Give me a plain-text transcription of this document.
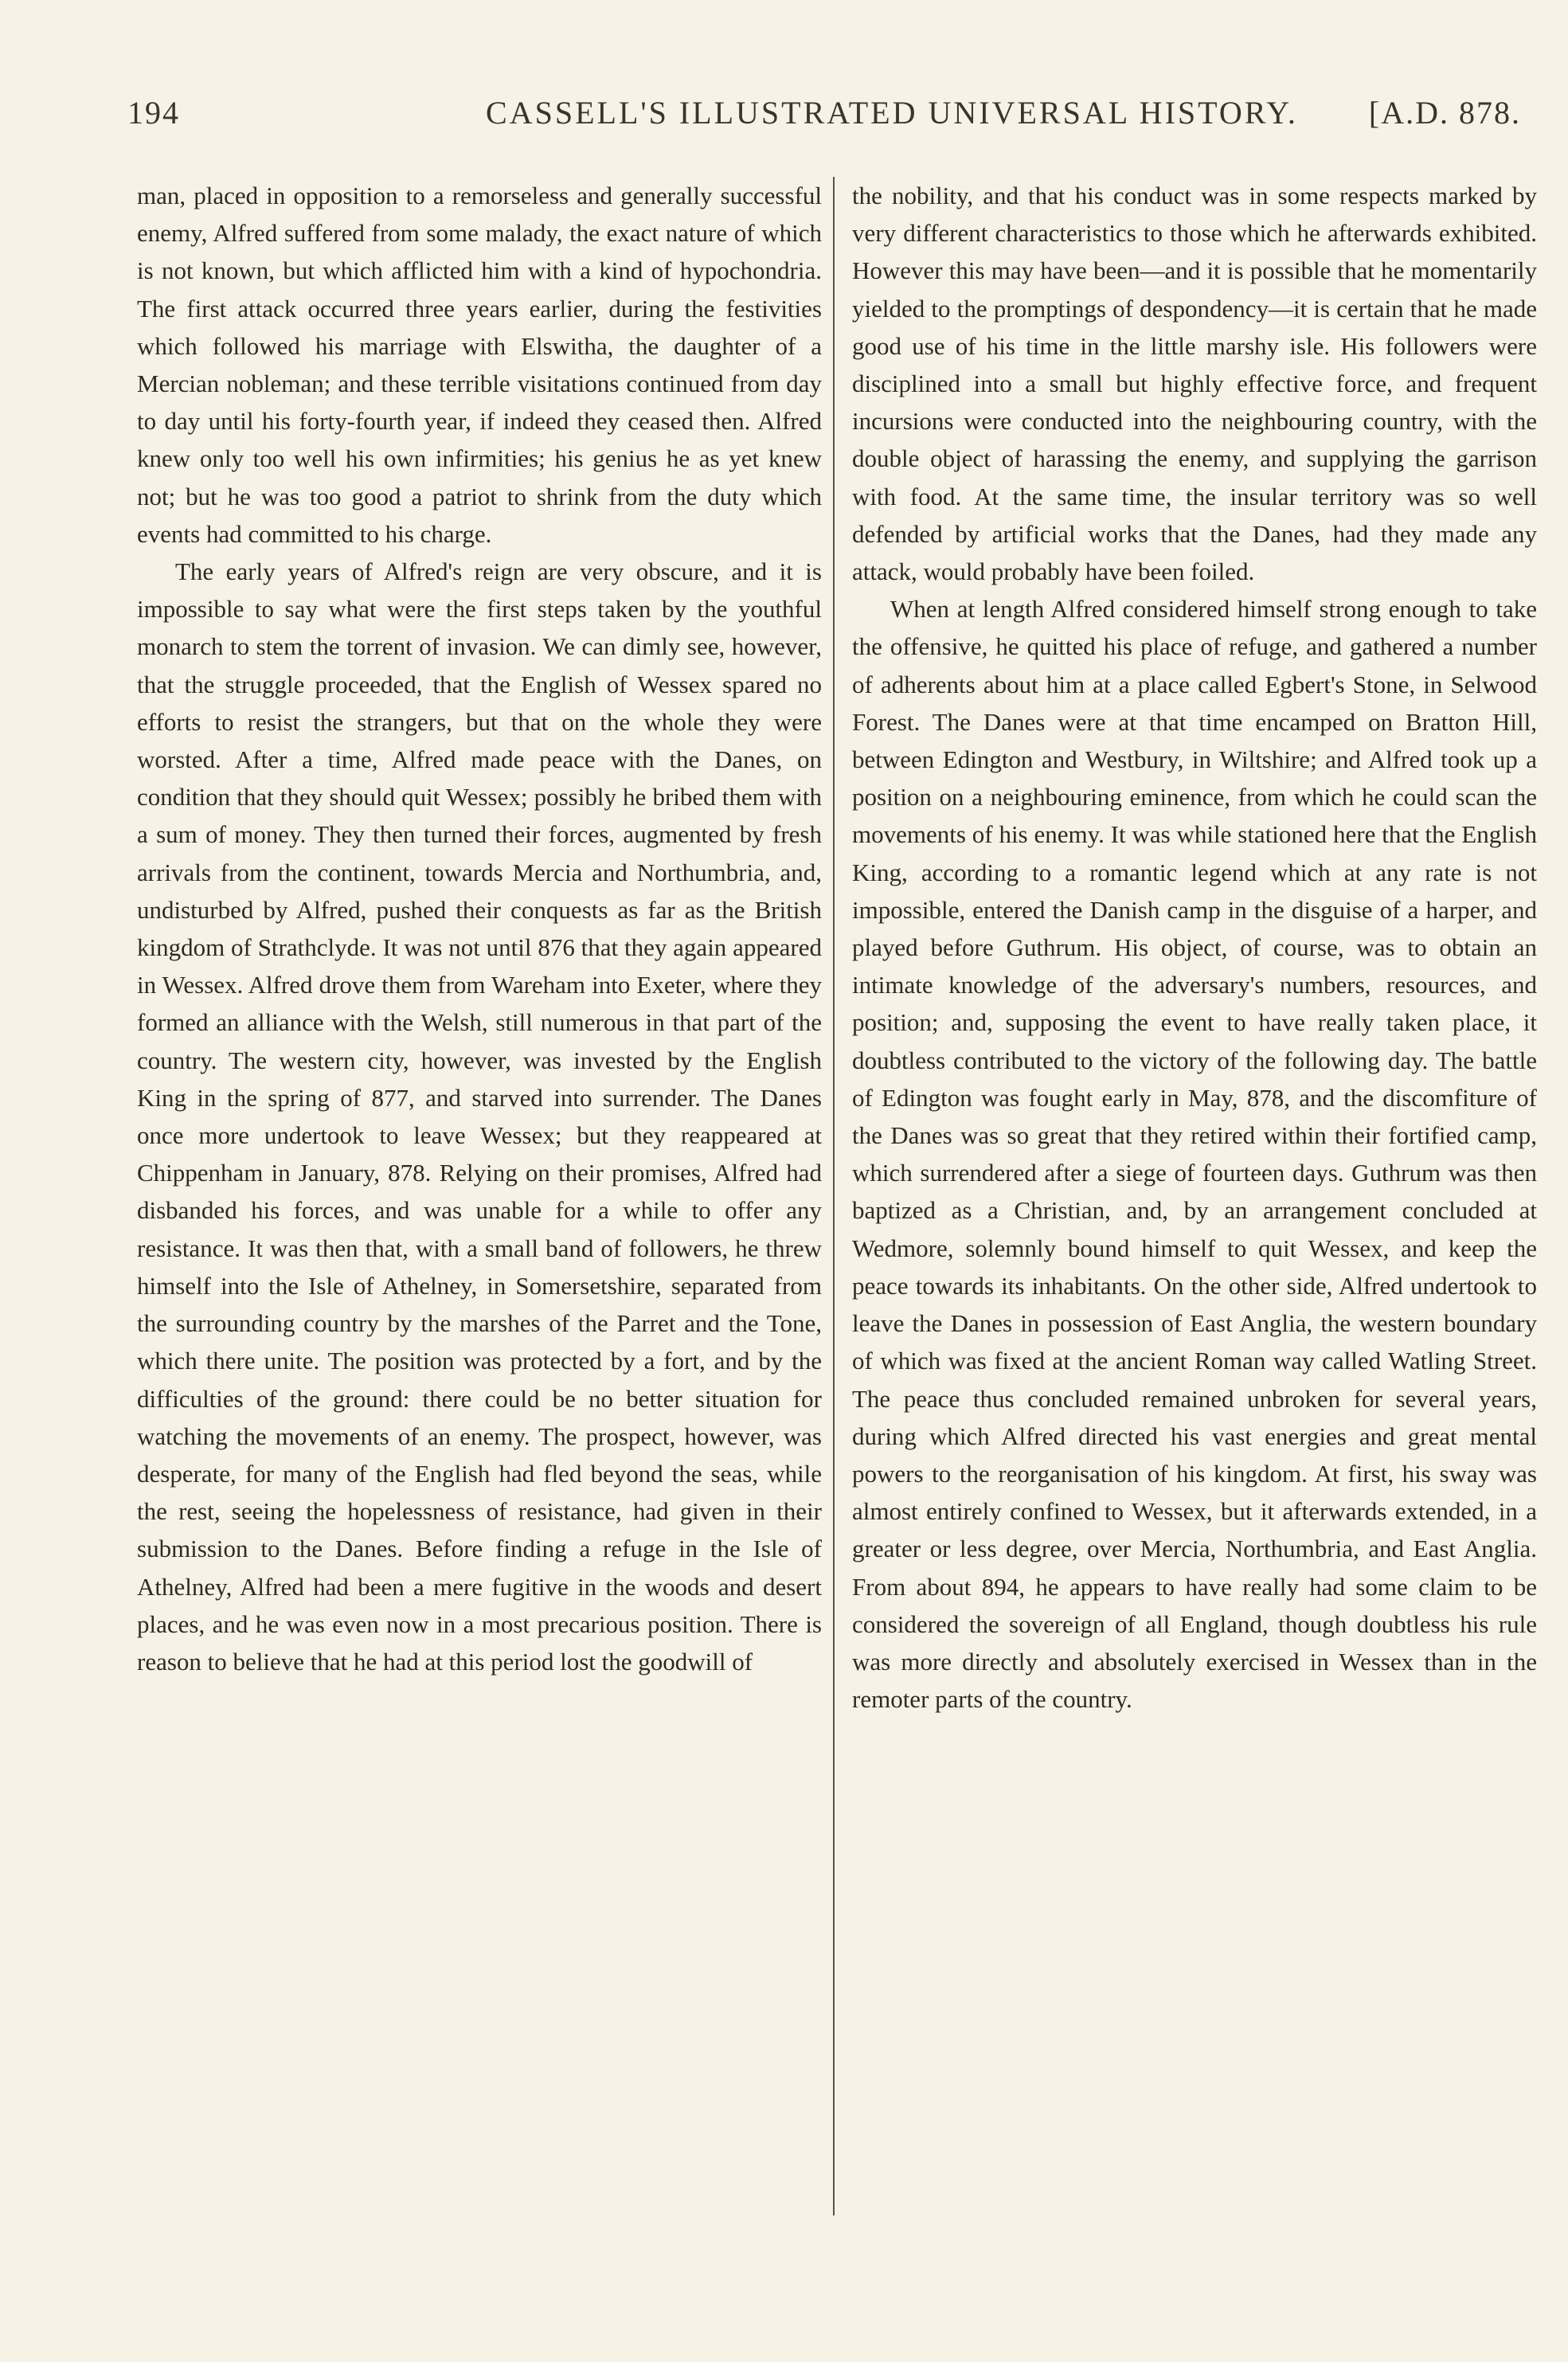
194	CASSELL'S ILLUSTRATED UNIVERSAL HISTORY.	[A.D. 878.

man, placed in opposition to a remorseless and generally successful enemy, Alfred suffered from some malady, the exact nature of which is not known, but which afflicted him with a kind of hypochondria. The first attack occurred three years earlier, during the festivities which followed his marriage with Elswitha, the daughter of a Mercian nobleman; and these terrible visitations continued from day to day until his forty-fourth year, if indeed they ceased then. Alfred knew only too well his own infirmities; his genius he as yet knew not; but he was too good a patriot to shrink from the duty which events had committed to his charge.

The early years of Alfred's reign are very obscure, and it is impossible to say what were the first steps taken by the youthful monarch to stem the torrent of invasion. We can dimly see, however, that the struggle proceeded, that the English of Wessex spared no efforts to resist the strangers, but that on the whole they were worsted. After a time, Alfred made peace with the Danes, on condition that they should quit Wessex; possibly he bribed them with a sum of money. They then turned their forces, augmented by fresh arrivals from the continent, towards Mercia and Northumbria, and, undisturbed by Alfred, pushed their conquests as far as the British kingdom of Strathclyde. It was not until 876 that they again appeared in Wessex. Alfred drove them from Wareham into Exeter, where they formed an alliance with the Welsh, still numerous in that part of the country. The western city, however, was invested by the English King in the spring of 877, and starved into surrender. The Danes once more undertook to leave Wessex; but they reappeared at Chippenham in January, 878. Relying on their promises, Alfred had disbanded his forces, and was unable for a while to offer any resistance. It was then that, with a small band of followers, he threw himself into the Isle of Athelney, in Somersetshire, separated from the surrounding country by the marshes of the Parret and the Tone, which there unite. The position was protected by a fort, and by the difficulties of the ground: there could be no better situation for watching the movements of an enemy. The prospect, however, was desperate, for many of the English had fled beyond the seas, while the rest, seeing the hopelessness of resistance, had given in their submission to the Danes. Before finding a refuge in the Isle of Athelney, Alfred had been a mere fugitive in the woods and desert places, and he was even now in a most precarious position. There is reason to believe that he had at this period lost the goodwill of

the nobility, and that his conduct was in some respects marked by very different characteristics to those which he afterwards exhibited. However this may have been—and it is possible that he momentarily yielded to the promptings of despondency—it is certain that he made good use of his time in the little marshy isle. His followers were disciplined into a small but highly effective force, and frequent incursions were conducted into the neighbouring country, with the double object of harassing the enemy, and supplying the garrison with food. At the same time, the insular territory was so well defended by artificial works that the Danes, had they made any attack, would probably have been foiled.

When at length Alfred considered himself strong enough to take the offensive, he quitted his place of refuge, and gathered a number of adherents about him at a place called Egbert's Stone, in Selwood Forest. The Danes were at that time encamped on Bratton Hill, between Edington and Westbury, in Wiltshire; and Alfred took up a position on a neighbouring eminence, from which he could scan the movements of his enemy. It was while stationed here that the English King, according to a romantic legend which at any rate is not impossible, entered the Danish camp in the disguise of a harper, and played before Guthrum. His object, of course, was to obtain an intimate knowledge of the adversary's numbers, resources, and position; and, supposing the event to have really taken place, it doubtless contributed to the victory of the following day. The battle of Edington was fought early in May, 878, and the discomfiture of the Danes was so great that they retired within their fortified camp, which surrendered after a siege of fourteen days. Guthrum was then baptized as a Christian, and, by an arrangement concluded at Wedmore, solemnly bound himself to quit Wessex, and keep the peace towards its inhabitants. On the other side, Alfred undertook to leave the Danes in possession of East Anglia, the western boundary of which was fixed at the ancient Roman way called Watling Street. The peace thus concluded remained unbroken for several years, during which Alfred directed his vast energies and great mental powers to the reorganisation of his kingdom. At first, his sway was almost entirely confined to Wessex, but it afterwards extended, in a greater or less degree, over Mercia, Northumbria, and East Anglia. From about 894, he appears to have really had some claim to be considered the sovereign of all England, though doubtless his rule was more directly and absolutely exercised in Wessex than in the remoter parts of the country.
